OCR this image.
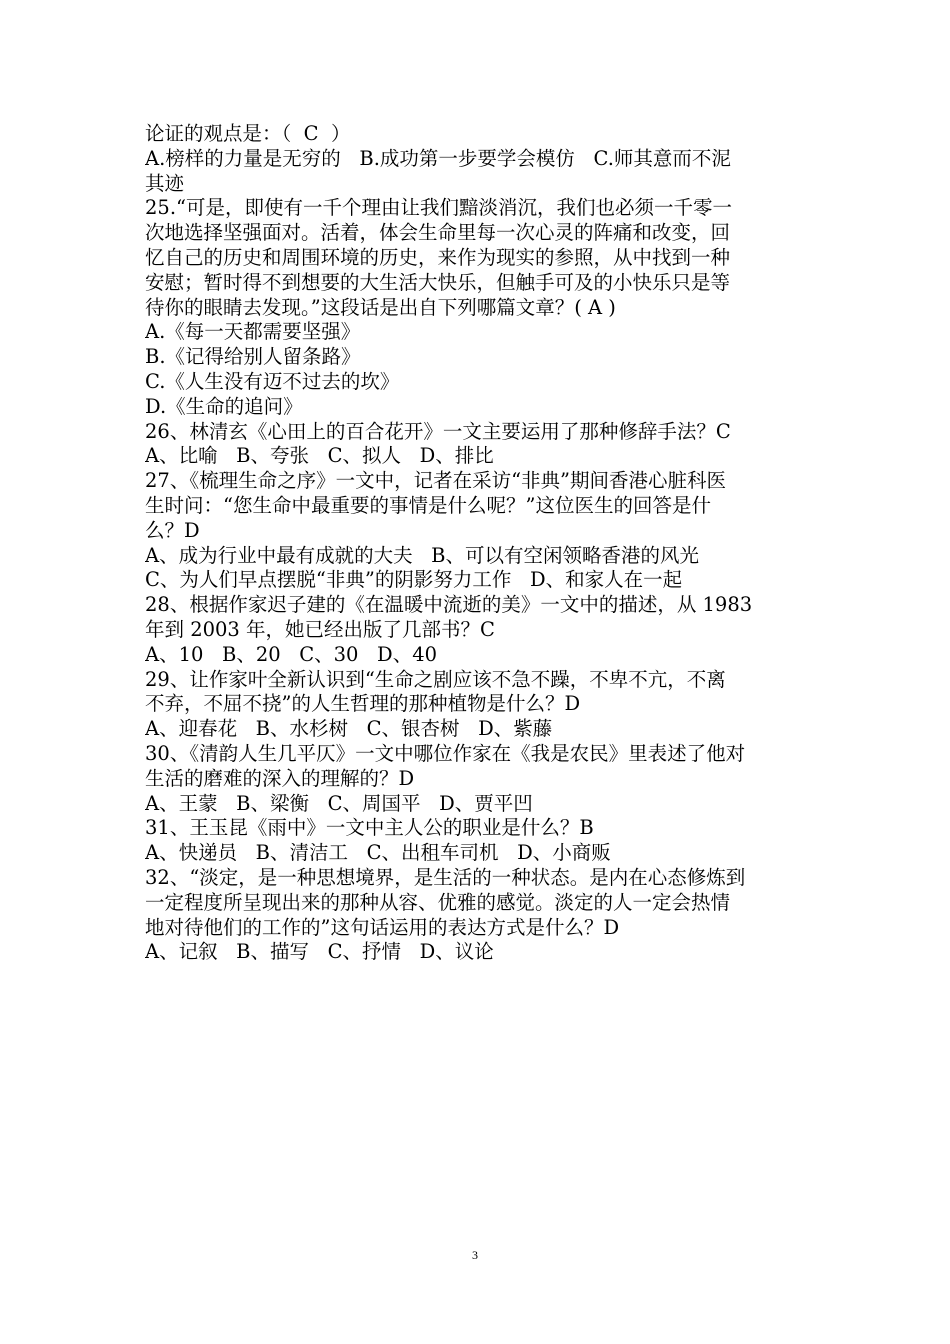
论证的观点是：（  C  ）
A.榜样的力量是无穷的   B.成功第一步要学会模仿   C.师其意而不泥
其迹
25.“可是，即使有一千个理由让我们黯淡消沉，我们也必须一千零一
次地选择坚强面对。活着，体会生命里每一次心灵的阵痛和改变，回
忆自己的历史和周围环境的历史，来作为现实的参照，从中找到一种
安慰；暂时得不到想要的大生活大快乐，但触手可及的小快乐只是等
待你的眼睛去发现。”这段话是出自下列哪篇文章？( A )
A.《每一天都需要坚强》
B.《记得给别人留条路》
C.《人生没有迈不过去的坎》
D.《生命的追问》
26、林清玄《心田上的百合花开》一文主要运用了那种修辞手法？C
A、比喻   B、夸张   C、拟人   D、排比
27、《梳理生命之序》一文中，记者在采访“非典”期间香港心脏科医
生时问：“您生命中最重要的事情是什么呢？”这位医生的回答是什
么？D
A、成为行业中最有成就的大夫   B、可以有空闲领略香港的风光
C、为人们早点摆脱“非典”的阴影努力工作   D、和家人在一起
28、根据作家迟子建的《在温暖中流逝的美》一文中的描述，从 1983
年到 2003 年，她已经出版了几部书？C
A、10   B、20   C、30   D、40
29、让作家叶全新认识到“生命之剧应该不急不躁，不卑不亢，不离
不弃，不屈不挠”的人生哲理的那种植物是什么？D
A、迎春花   B、水杉树   C、银杏树   D、紫藤
30、《清韵人生几平仄》一文中哪位作家在《我是农民》里表述了他对
生活的磨难的深入的理解的？D
A、王蒙   B、梁衡   C、周国平   D、贾平凹
31、王玉昆《雨中》一文中主人公的职业是什么？B
A、快递员   B、清洁工   C、出租车司机   D、小商贩
32、“淡定，是一种思想境界，是生活的一种状态。是内在心态修炼到
一定程度所呈现出来的那种从容、优雅的感觉。淡定的人一定会热情
地对待他们的工作的”这句话运用的表达方式是什么？D
A、记叙   B、描写   C、抒情   D、议论
3
